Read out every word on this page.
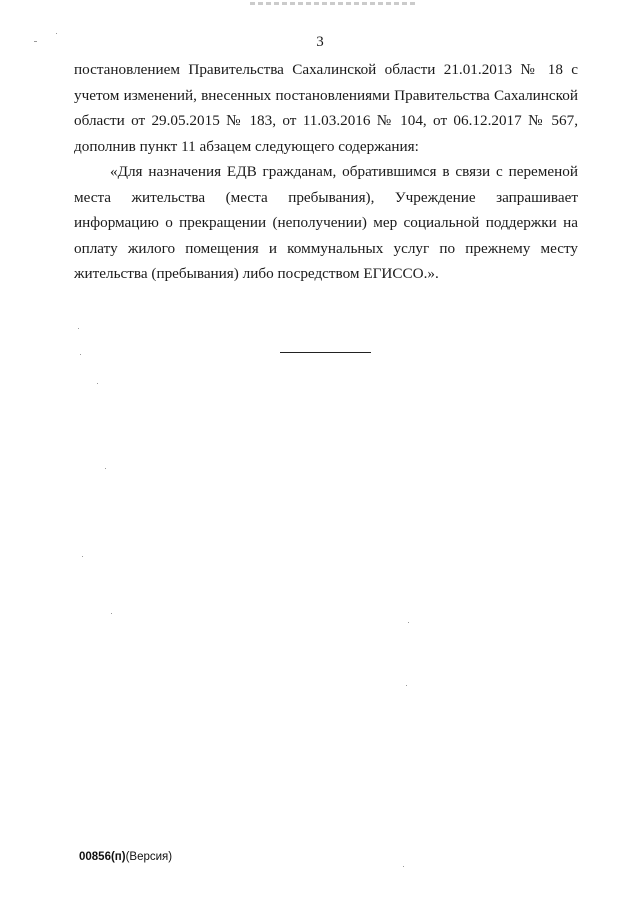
3

постановлением Правительства Сахалинской области 21.01.2013 № 18 с учетом изменений, внесенных постановлениями Правительства Сахалинской области от 29.05.2015 № 183, от 11.03.2016 № 104, от 06.12.2017 № 567, дополнив пункт 11 абзацем следующего содержания:

«Для назначения ЕДВ гражданам, обратившимся в связи с переменой места жительства (места пребывания), Учреждение запрашивает информацию о прекращении (неполучении) мер социальной поддержки на оплату жилого помещения и коммунальных услуг по прежнему месту жительства (пребывания) либо посредством ЕГИССО.».

00856(п)(Версия)
